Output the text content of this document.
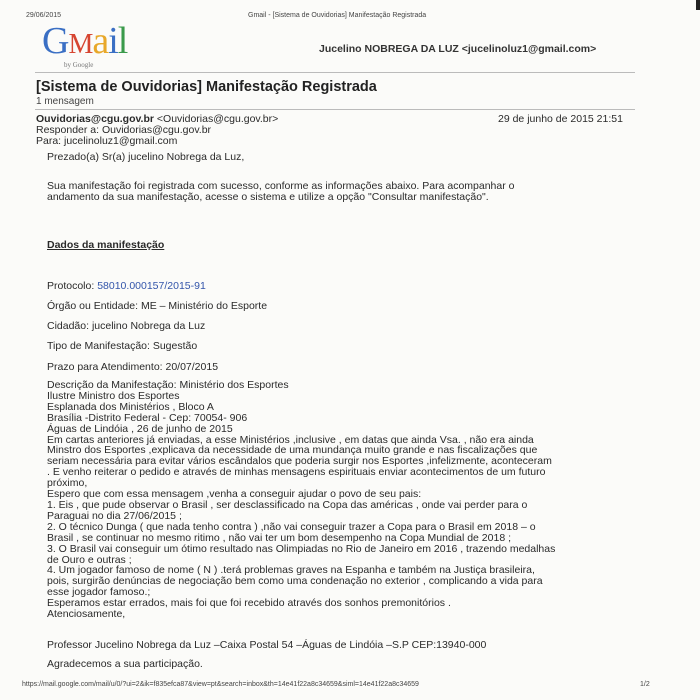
29/06/2015	Gmail - [Sistema de Ouvidorias] Manifestação Registrada
GMail
by Google
Jucelino NOBREGA DA LUZ <jucelinoluz1@gmail.com>
[Sistema de Ouvidorias] Manifestação Registrada
1 mensagem
Ouvidorias@cgu.gov.br <Ouvidorias@cgu.gov.br>	29 de junho de 2015 21:51
Responder a: Ouvidorias@cgu.gov.br
Para: jucelinoluz1@gmail.com
Prezado(a) Sr(a) jucelino Nobrega da Luz,
Sua manifestação foi registrada com sucesso, conforme as informações abaixo. Para acompanhar o
andamento da sua manifestação, acesse o sistema e utilize a opção "Consultar manifestação".
Dados da manifestação
Protocolo: 58010.000157/2015-91
Órgão ou Entidade: ME – Ministério do Esporte
Cidadão: jucelino Nobrega da Luz
Tipo de Manifestação: Sugestão
Prazo para Atendimento: 20/07/2015
Descrição da Manifestação: Ministério dos Esportes
Ilustre Ministro dos Esportes
Esplanada dos Ministérios , Bloco A
Brasília -Distrito Federal - Cep: 70054- 906
Águas de Lindóia , 26 de junho de 2015
Em cartas anteriores já enviadas, a esse Ministérios ,inclusive , em datas que ainda Vsa. , não era ainda
Minstro dos Esportes ,explicava da necessidade de uma mundança muito grande e nas fiscalizações que
seriam necessária para evitar vários escândalos que poderia surgir nos Esportes ,infelizmente, aconteceram
. E venho reiterar o pedido e através de minhas mensagens espirituais enviar acontecimentos de um futuro
próximo,
Espero que com essa mensagem ,venha a conseguir ajudar o povo de seu pais:
1. Eis , que pude observar o Brasil , ser desclassificado na Copa das américas , onde vai perder para o
Paraguai no dia 27/06/2015 ;
2. O técnico Dunga ( que nada tenho contra ) ,não vai conseguir trazer a Copa para o Brasil em 2018 – o
Brasil , se continuar no mesmo ritimo , não vai ter um bom desempenho na Copa Mundial de 2018 ;
3. O Brasil vai conseguir um ótimo resultado nas Olimpiadas no Rio de Janeiro em 2016 , trazendo medalhas
de Ouro e outras ;
4. Um jogador famoso de nome ( N ) .terá problemas graves na Espanha e também na Justiça brasileira,
pois, surgirão denúncias de negociação bem como uma condenação no exterior , complicando a vida para
esse jogador famoso.;
Esperamos estar errados, mais foi que foi recebido através dos sonhos premonitórios .
Atenciosamente,
Professor Jucelino Nobrega da Luz –Caixa Postal 54 –Águas de Lindóia –S.P CEP:13940-000
Agradecemos a sua participação.
https://mail.google.com/mail/u/0/?ui=2&ik=f835efca87&view=pt&search=inbox&th=14e41f22a8c34659&siml=14e41f22a8c34659	1/2
